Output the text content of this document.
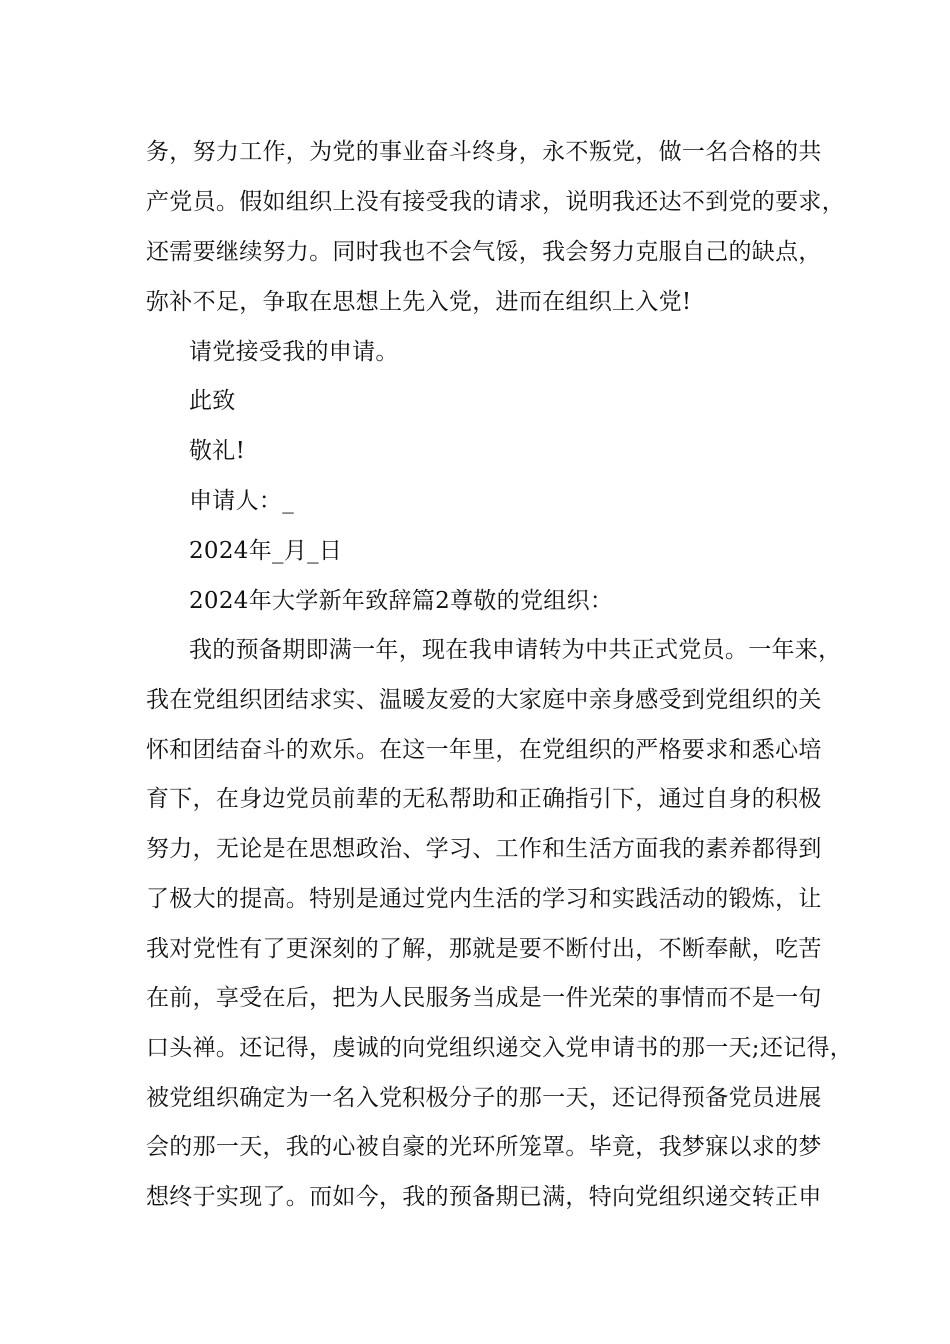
务，努力工作，为党的事业奋斗终身，永不叛党，做一名合格的共
产党员。假如组织上没有接受我的请求，说明我还达不到党的要求，
还需要继续努力。同时我也不会气馁，我会努力克服自己的缺点，
弥补不足，争取在思想上先入党，进而在组织上入党!
请党接受我的申请。
此致
敬礼!
申请人：_
2024年_月_日
2024年大学新年致辞篇2尊敬的党组织：
我的预备期即满一年，现在我申请转为中共正式党员。一年来，
我在党组织团结求实、温暖友爱的大家庭中亲身感受到党组织的关
怀和团结奋斗的欢乐。在这一年里，在党组织的严格要求和悉心培
育下，在身边党员前辈的无私帮助和正确指引下，通过自身的积极
努力，无论是在思想政治、学习、工作和生活方面我的素养都得到
了极大的提高。特别是通过党内生活的学习和实践活动的锻炼，让
我对党性有了更深刻的了解，那就是要不断付出，不断奉献，吃苦
在前，享受在后，把为人民服务当成是一件光荣的事情而不是一句
口头禅。还记得，虔诚的向党组织递交入党申请书的那一天;还记得，
被党组织确定为一名入党积极分子的那一天，还记得预备党员进展
会的那一天，我的心被自豪的光环所笼罩。毕竟，我梦寐以求的梦
想终于实现了。而如今，我的预备期已满，特向党组织递交转正申
